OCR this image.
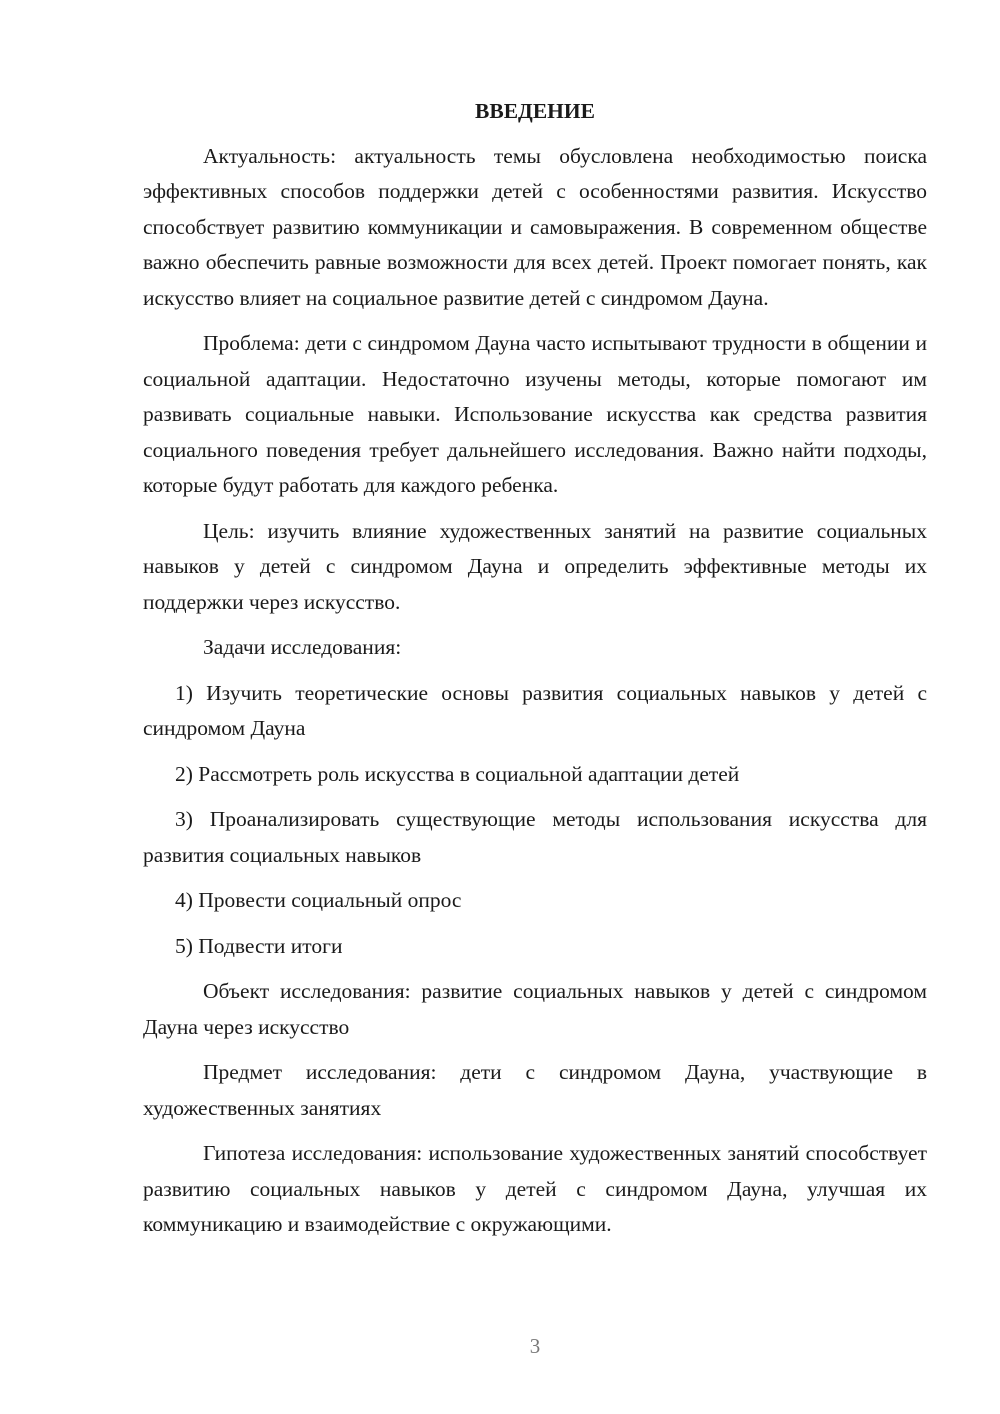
ВВЕДЕНИЕ

Актуальность: актуальность темы обусловлена необходимостью поиска эффективных способов поддержки детей с особенностями развития. Искусство способствует развитию коммуникации и самовыражения. В современном обществе важно обеспечить равные возможности для всех детей. Проект помогает понять, как искусство влияет на социальное развитие детей с синдромом Дауна.

Проблема: дети с синдромом Дауна часто испытывают трудности в общении и социальной адаптации. Недостаточно изучены методы, которые помогают им развивать социальные навыки. Использование искусства как средства развития социального поведения требует дальнейшего исследования. Важно найти подходы, которые будут работать для каждого ребенка.

Цель: изучить влияние художественных занятий на развитие социальных навыков у детей с синдромом Дауна и определить эффективные методы их поддержки через искусство.

Задачи исследования:

1) Изучить теоретические основы развития социальных навыков у детей с синдромом Дауна

2) Рассмотреть роль искусства в социальной адаптации детей

3) Проанализировать существующие методы использования искусства для развития социальных навыков

4) Провести социальный опрос

5) Подвести итоги

Объект исследования: развитие социальных навыков у детей с синдромом Дауна через искусство

Предмет исследования: дети с синдромом Дауна, участвующие в художественных занятиях

Гипотеза исследования: использование художественных занятий способствует развитию социальных навыков у детей с синдромом Дауна, улучшая их коммуникацию и взаимодействие с окружающими.

3
